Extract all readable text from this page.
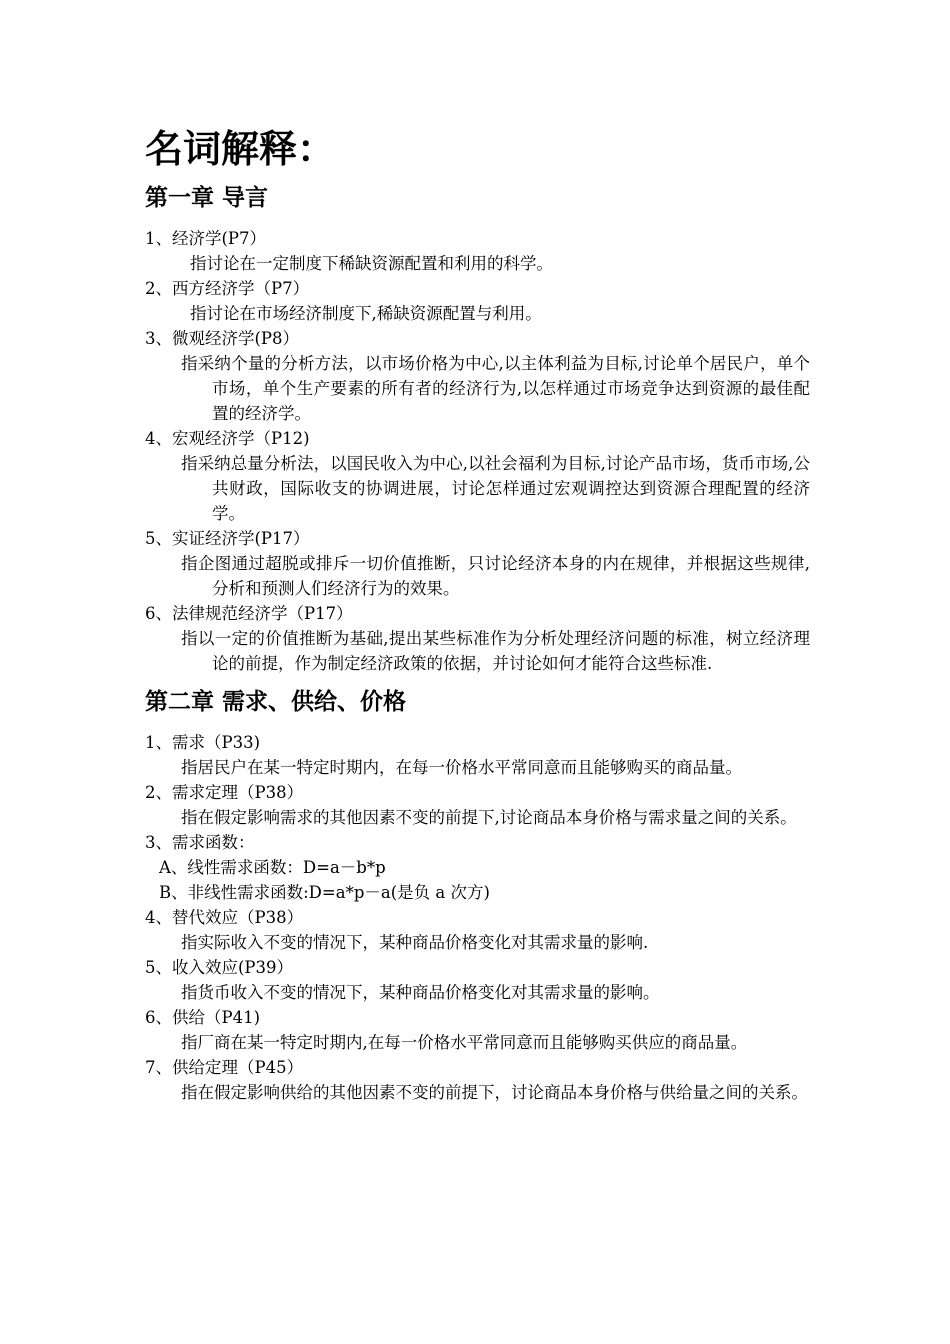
名词解释：
第一章 导言

1、经济学(P7）

指讨论在一定制度下稀缺资源配置和利用的科学。

2、西方经济学（P7）

指讨论在市场经济制度下,稀缺资源配置与利用。

3、微观经济学(P8）

指采纳个量的分析方法，以市场价格为中心,以主体利益为目标,讨论单个居民户，单个市场，单个生产要素的所有者的经济行为,以怎样通过市场竞争达到资源的最佳配置的经济学。

4、宏观经济学（P12)

指采纳总量分析法，以国民收入为中心,以社会福利为目标,讨论产品市场，货币市场,公共财政，国际收支的协调进展，讨论怎样通过宏观调控达到资源合理配置的经济学。

5、实证经济学(P17）

指企图通过超脱或排斥一切价值推断，只讨论经济本身的内在规律，并根据这些规律,分析和预测人们经济行为的效果。

6、法律规范经济学（P17）

指以一定的价值推断为基础,提出某些标准作为分析处理经济问题的标准，树立经济理论的前提，作为制定经济政策的依据，并讨论如何才能符合这些标准.

第二章 需求、供给、价格

1、需求（P33)

指居民户在某一特定时期内，在每一价格水平常同意而且能够购买的商品量。

2、需求定理（P38）

指在假定影响需求的其他因素不变的前提下,讨论商品本身价格与需求量之间的关系。

3、需求函数：

A、线性需求函数：D=a－b*p

B、非线性需求函数:D=a*p－a(是负 a 次方)

4、替代效应（P38）

指实际收入不变的情况下，某种商品价格变化对其需求量的影响.

5、收入效应(P39）

指货币收入不变的情况下，某种商品价格变化对其需求量的影响。

6、供给（P41)

指厂商在某一特定时期内,在每一价格水平常同意而且能够购买供应的商品量。

7、供给定理（P45）

指在假定影响供给的其他因素不变的前提下，讨论商品本身价格与供给量之间的关系。
